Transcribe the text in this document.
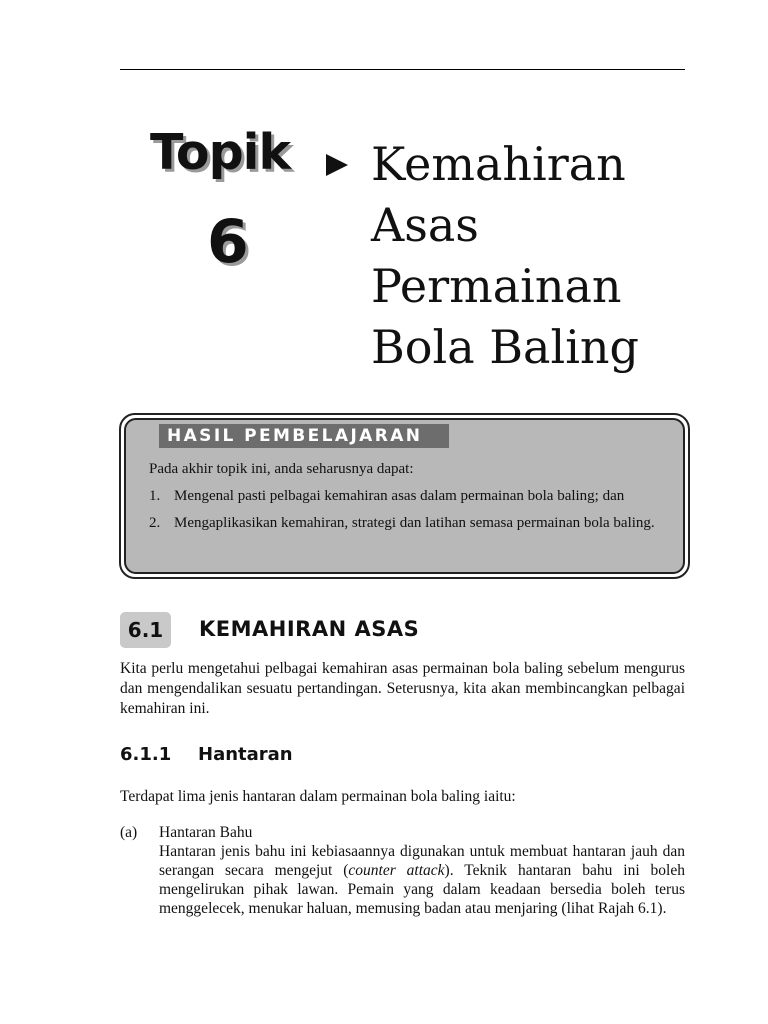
Topik
6
Kemahiran
Asas
Permainan
Bola Baling
HASIL PEMBELAJARAN
Pada akhir topik ini, anda seharusnya dapat:
1. Mengenal pasti pelbagai kemahiran asas dalam permainan bola baling; dan
2. Mengaplikasikan kemahiran, strategi dan latihan semasa permainan bola baling.
6.1	KEMAHIRAN ASAS
Kita perlu mengetahui pelbagai kemahiran asas permainan bola baling sebelum mengurus dan mengendalikan sesuatu pertandingan. Seterusnya, kita akan membincangkan pelbagai kemahiran ini.
6.1.1 Hantaran
Terdapat lima jenis hantaran dalam permainan bola baling iaitu:
(a) Hantaran Bahu
Hantaran jenis bahu ini kebiasaannya digunakan untuk membuat hantaran jauh dan serangan secara mengejut (counter attack). Teknik hantaran bahu ini boleh mengelirukan pihak lawan. Pemain yang dalam keadaan bersedia boleh terus menggelecek, menukar haluan, memusing badan atau menjaring (lihat Rajah 6.1).
